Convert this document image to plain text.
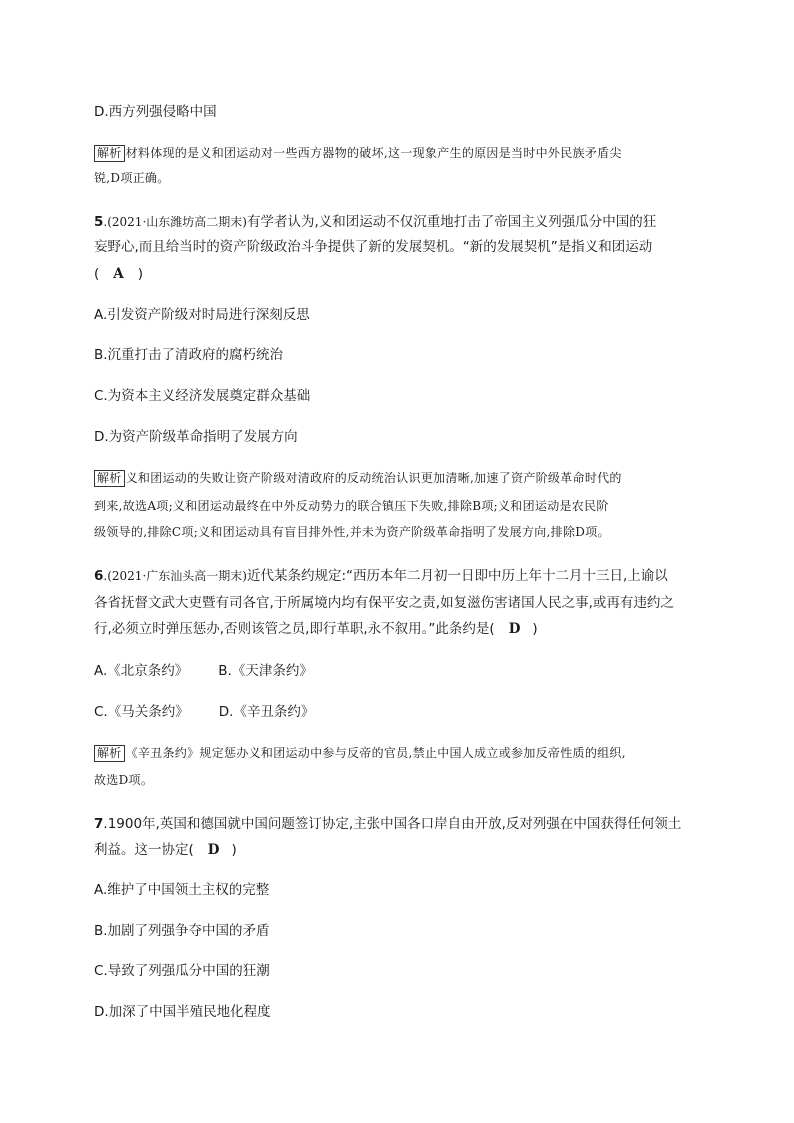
D.西方列强侵略中国
解析 材料体现的是义和团运动对一些西方器物的破坏,这一现象产生的原因是当时中外民族矛盾尖
锐,D项正确。
5.(2021·山东潍坊高二期末)有学者认为,义和团运动不仅沉重地打击了帝国主义列强瓜分中国的狂
妄野心,而且给当时的资产阶级政治斗争提供了新的发展契机。“新的发展契机”是指义和团运动
( A )
A.引发资产阶级对时局进行深刻反思
B.沉重打击了清政府的腐朽统治
C.为资本主义经济发展奠定群众基础
D.为资产阶级革命指明了发展方向
解析 义和团运动的失败让资产阶级对清政府的反动统治认识更加清晰,加速了资产阶级革命时代的
到来,故选A项;义和团运动最终在中外反动势力的联合镇压下失败,排除B项;义和团运动是农民阶
级领导的,排除C项;义和团运动具有盲目排外性,并未为资产阶级革命指明了发展方向,排除D项。
6.(2021·广东汕头高一期末)近代某条约规定:“西历本年二月初一日即中历上年十二月十三日,上谕以
各省抚督文武大吏暨有司各官,于所属境内均有保平安之责,如复滋伤害诸国人民之事,或再有违约之
行,必须立时弹压惩办,否则该管之员,即行革职,永不叙用。”此条约是( D )
A.《北京条约》 B.《天津条约》
C.《马关条约》 D.《辛丑条约》
解析 《辛丑条约》规定惩办义和团运动中参与反帝的官员,禁止中国人成立或参加反帝性质的组织,
故选D项。
7.1900年,英国和德国就中国问题签订协定,主张中国各口岸自由开放,反对列强在中国获得任何领土
利益。这一协定( D )
A.维护了中国领土主权的完整
B.加剧了列强争夺中国的矛盾
C.导致了列强瓜分中国的狂潮
D.加深了中国半殖民地化程度
